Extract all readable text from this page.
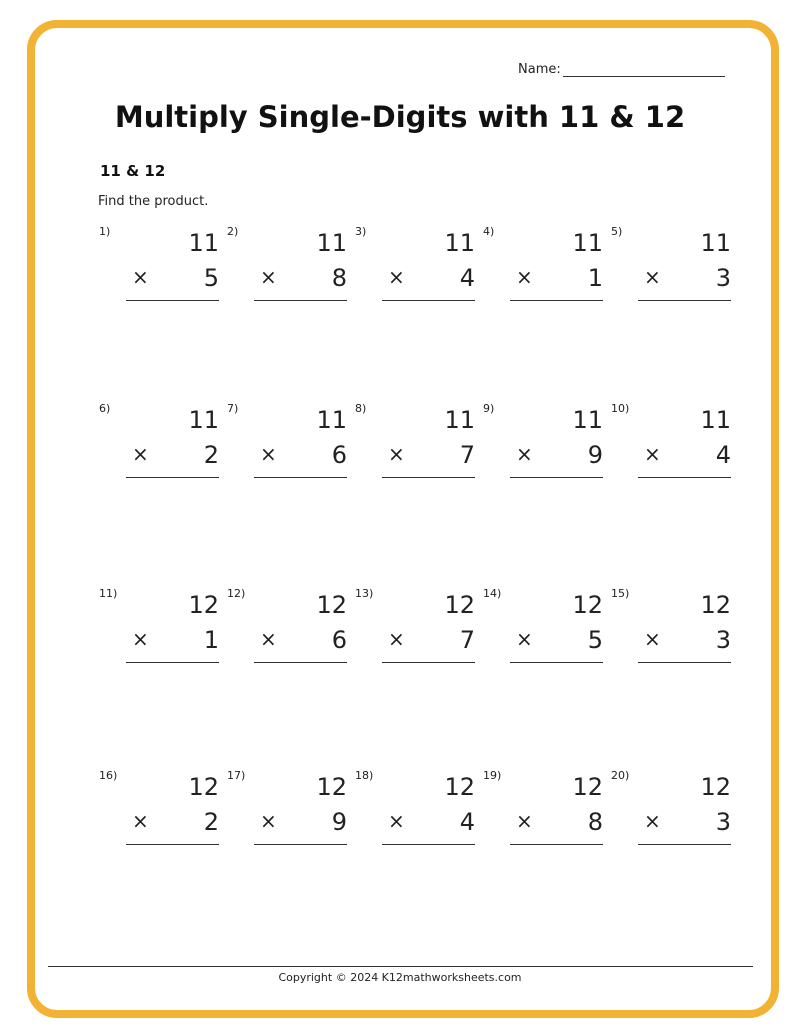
Name:
Multiply Single-Digits with 11 & 12
11 & 12
Find the product.
1)	11
×	5
2)	11
×	8
3)	11
×	4
4)	11
×	1
5)	11
×	3
6)	11
×	2
7)	11
×	6
8)	11
×	7
9)	11
×	9
10)	11
×	4
11)	12
×	1
12)	12
×	6
13)	12
×	7
14)	12
×	5
15)	12
×	3
16)	12
×	2
17)	12
×	9
18)	12
×	4
19)	12
×	8
20)	12
×	3
Copyright © 2024 K12mathworksheets.com
